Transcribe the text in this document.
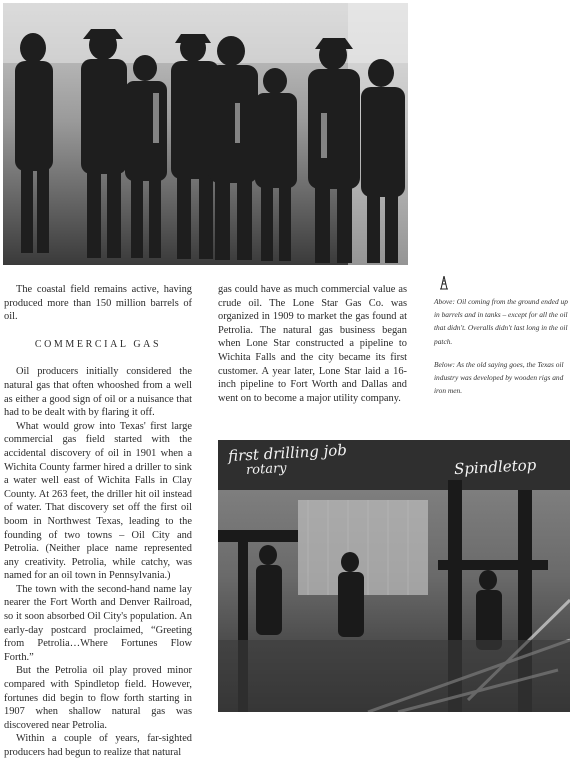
The coastal field remains active, having produced more than 150 million barrels of oil.

COMMERCIAL GAS

Oil producers initially considered the natural gas that often whooshed from a well as either a good sign of oil or a nuisance that had to be dealt with by flaring it off.

What would grow into Texas' first large commercial gas field started with the accidental discovery of oil in 1901 when a Wichita County farmer hired a driller to sink a water well east of Wichita Falls in Clay County. At 263 feet, the driller hit oil instead of water. That discovery set off the first oil boom in Northwest Texas, leading to the founding of two towns – Oil City and Petrolia. (Neither place name represented any creativity. Petrolia, while catchy, was named for an oil town in Pennsylvania.)

The town with the second-hand name lay nearer the Fort Worth and Denver Railroad, so it soon absorbed Oil City's population. An early-day postcard proclaimed, “Greeting from Petrolia…Where Fortunes Flow Forth.”

But the Petrolia oil play proved minor compared with Spindletop field. However, fortunes did begin to flow forth starting in 1907 when shallow natural gas was discovered near Petrolia.

Within a couple of years, far-sighted producers had begun to realize that natural

gas could have as much commercial value as crude oil. The Lone Star Gas Co. was organized in 1909 to market the gas found at Petrolia. The natural gas business began when Lone Star constructed a pipeline to Wichita Falls and the city became its first customer. A year later, Lone Star laid a 16-inch pipeline to Fort Worth and Dallas and went on to become a major utility company.

Above: Oil coming from the ground ended up in barrels and in tanks – except for all the oil that didn't. Overalls didn't last long in the oil patch.

Below: As the old saying goes, the Texas oil industry was developed by wooden rigs and iron men.

first drilling job
rotary	Spindletop
